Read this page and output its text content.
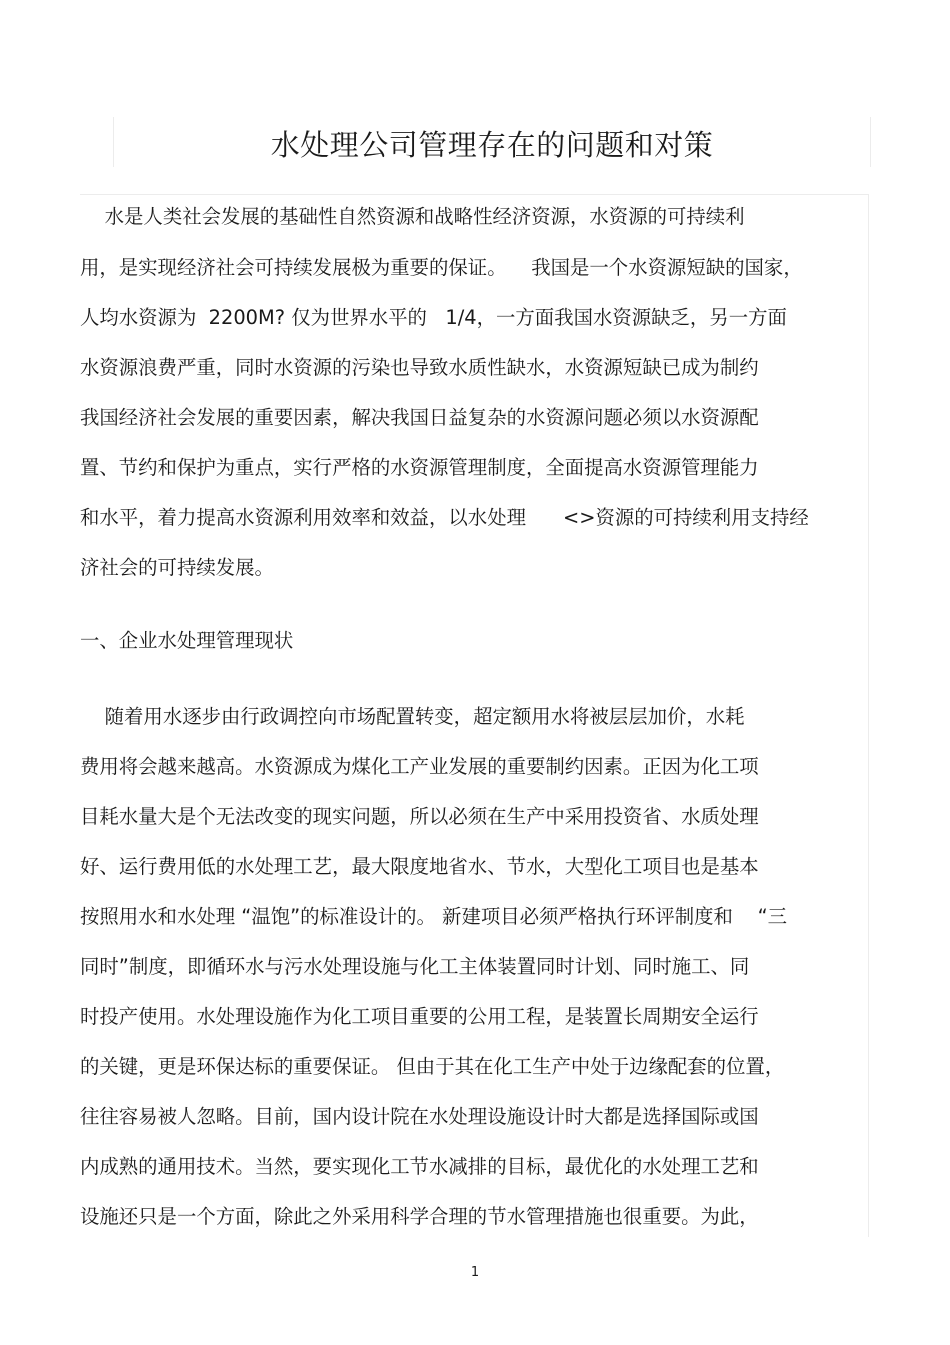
水处理公司管理存在的问题和对策
水是人类社会发展的基础性自然资源和战略性经济资源，水资源的可持续利
用，是实现经济社会可持续发展极为重要的保证。    我国是一个水资源短缺的国家，
人均水资源为  2200M? 仅为世界水平的   1/4，一方面我国水资源缺乏，另一方面
水资源浪费严重，同时水资源的污染也导致水质性缺水，水资源短缺已成为制约
我国经济社会发展的重要因素，解决我国日益复杂的水资源问题必须以水资源配
置、节约和保护为重点，实行严格的水资源管理制度，全面提高水资源管理能力
和水平，着力提高水资源利用效率和效益，以水处理      <>资源的可持续利用支持经
济社会的可持续发展。
一、企业水处理管理现状
随着用水逐步由行政调控向市场配置转变，超定额用水将被层层加价，水耗
费用将会越来越高。水资源成为煤化工产业发展的重要制约因素。正因为化工项
目耗水量大是个无法改变的现实问题，所以必须在生产中采用投资省、水质处理
好、运行费用低的水处理工艺，最大限度地省水、节水，大型化工项目也是基本
按照用水和水处理 “温饱”的标准设计的。 新建项目必须严格执行环评制度和    “三
同时”制度，即循环水与污水处理设施与化工主体装置同时计划、同时施工、同
时投产使用。水处理设施作为化工项目重要的公用工程，是装置长周期安全运行
的关键，更是环保达标的重要保证。 但由于其在化工生产中处于边缘配套的位置，
往往容易被人忽略。目前，国内设计院在水处理设施设计时大都是选择国际或国
内成熟的通用技术。当然，要实现化工节水减排的目标，最优化的水处理工艺和
设施还只是一个方面，除此之外采用科学合理的节水管理措施也很重要。为此，
1
